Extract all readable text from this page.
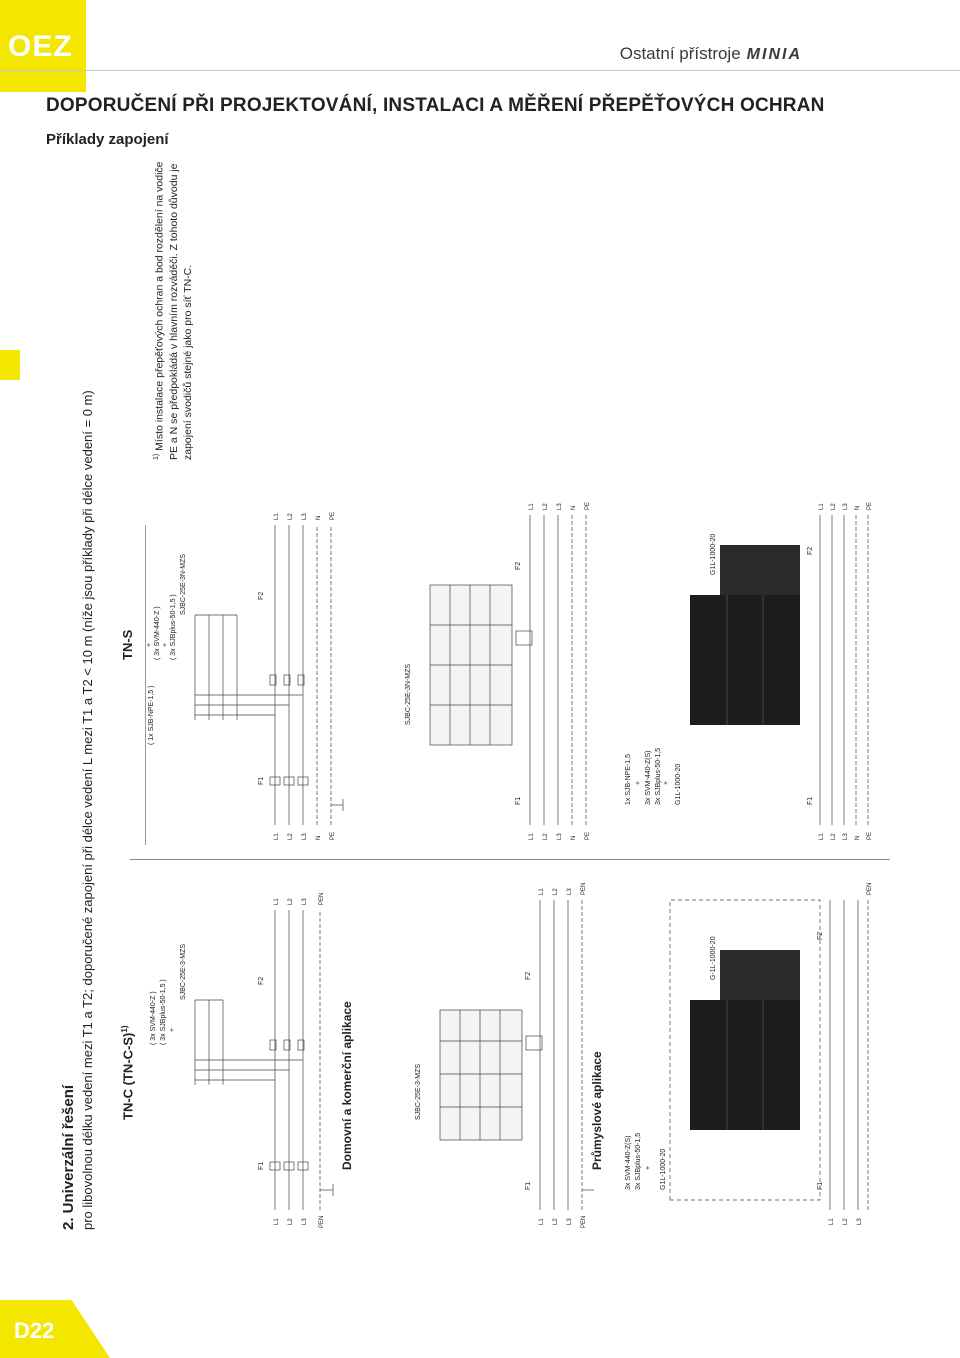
OEZ	Ostatní přístroje MINIA
DOPORUČENÍ PŘI PROJEKTOVÁNÍ, INSTALACI A MĚŘENÍ PŘEPĚŤOVÝCH OCHRAN
Příklady zapojení
D22
2. Univerzální řešení pro libovolnou délku vedení mezi T1 a T2; doporučené zapojení při délce vedení L mezi T1 a T2 < 10 m (níže jsou příklady při délce vedení = 0 m) TN-C $(TN-C-S)^{1)}$
TN-S
Domovní a komerční aplikace	Průmyslové aplikace
$^{1)}$ Místo instalace přepěťových ochran a bod rozdělení na vodiče PE a N se předpokládá v hlavním rozváděči. Z tohoto důvodu je zapojení svodičů stejné jako pro síť TN-C.
SJBC-25E-3-MZS
( 3x SJBplus-50-1,5 ) +
( 3x SVM-440-Z )
F1
F2
L1 L2 L3 PEN
L1 L2 L3 PEN
SJBC-25E-3N-MZS
( 3x SJBplus-50-1,5 )
+
( 3x SVM-440-Z )
+
( 1x SJB-NPE-1,5 )
F1
F2
L1 L2 L3 N PE
L1 L2 L3 N PE
SJBC-25E-3-MZS
F1
F2
L1 L2 L3 PEN
L1 L2 L3 PEN
SJBC-25E-3N-MZS
F1
F2
L1 L2 L3 N PE
L1 L2 L3 N PE
G1L-1000-20
3x SJBplus-50-1,5 +
3x SVM-440-Z(S)
G-1L-1000-20
F1
F2
L1 L2 L3
PEN
G1L-1000-20
3x SJBplus-50-1,5 +
3x SVM-440-Z(S)
+
1x SJB-NPE-1,5
G1L-1000-20
F1
F2
L1 L2 L3 N PE
L1 L2 L3 N PE
